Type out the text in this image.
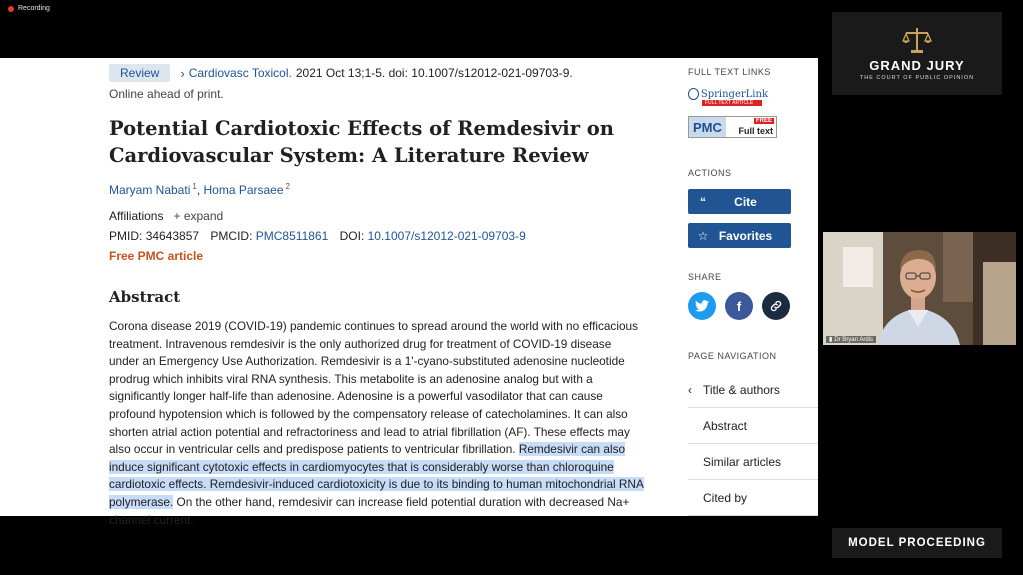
Recording
Review	› Cardiovasc Toxicol. 2021 Oct 13;1-5. doi: 10.1007/s12012-021-09703-9.
Online ahead of print.
Potential Cardiotoxic Effects of Remdesivir on Cardiovascular System: A Literature Review
Maryam Nabati $^1$, Homa Parsaee $^2$
Affiliations + expand
PMID: 34643857 PMCID: PMC8511861 DOI: 10.1007/s12012-021-09703-9
Free PMC article
Abstract

Corona disease 2019 (COVID-19) pandemic continues to spread around the world with no efficacious treatment. Intravenous remdesivir is the only authorized drug for treatment of COVID-19 disease under an Emergency Use Authorization. Remdesivir is a 1'-cyano-substituted adenosine nucleotide prodrug which inhibits viral RNA synthesis. This metabolite is an adenosine analog but with a significantly longer half-life than adenosine. Adenosine is a powerful vasodilator that can cause profound hypotension which is followed by the compensatory release of catecholamines. It can also shorten atrial action potential and refractoriness and lead to atrial fibrillation (AF). These effects may also occur in ventricular cells and predispose patients to ventricular fibrillation. Remdesivir can also induce significant cytotoxic effects in cardiomyocytes that is considerably worse than chloroquine cardiotoxic effects. Remdesivir-induced cardiotoxicity is due to its binding to human mitochondrial RNA polymerase. On the other hand, remdesivir can increase field potential duration with decreased Na+ channel current.

FULL TEXT LINKS
SpringerLink
FULL TEXT ARTICLE
PMC	FREE
Full text
ACTIONS
“	Cite
☆ Favorites
SHARE
f
PAGE NAVIGATION
‹ Title & authors
Abstract
Similar articles
Cited by
GRAND JURY
THE COURT OF PUBLIC OPINION
▮ Dr Bryan Ardis
MODEL PROCEEDING
